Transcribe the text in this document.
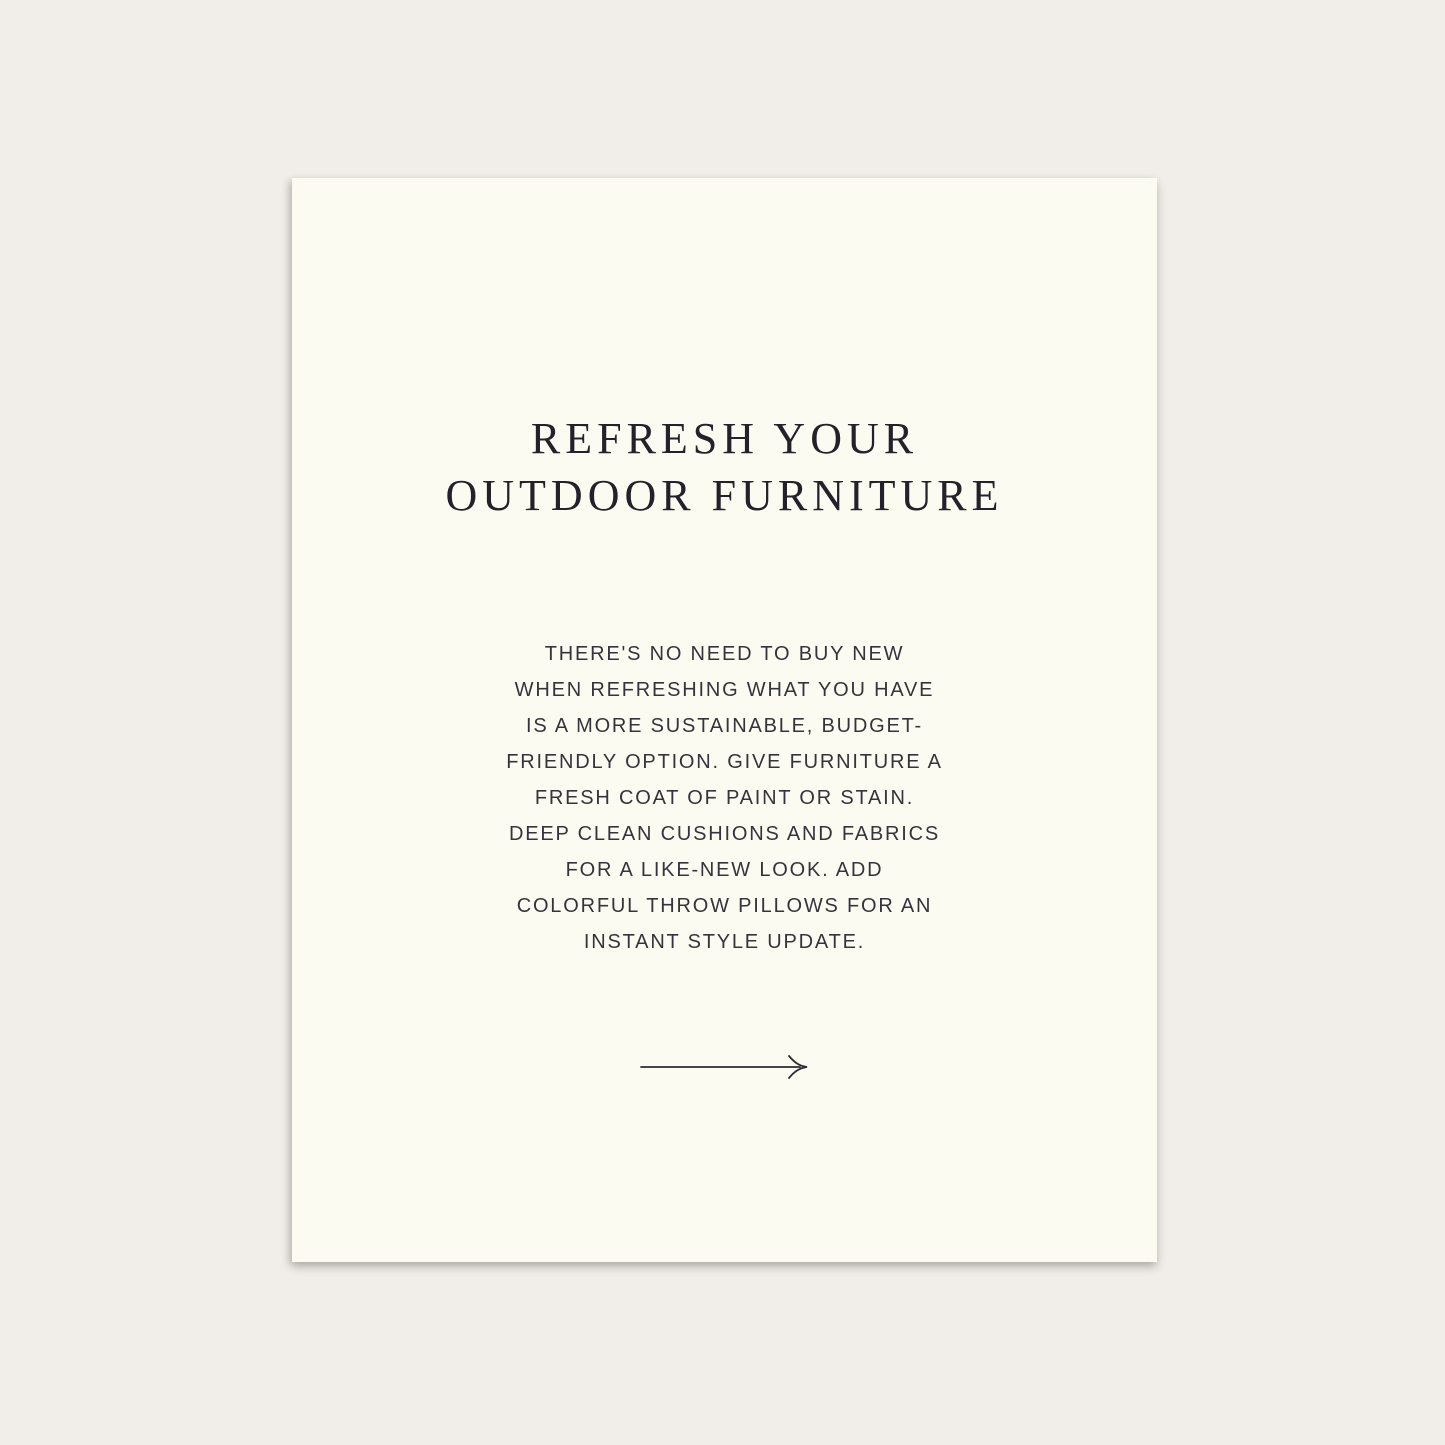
REFRESH YOUR
OUTDOOR FURNITURE
THERE'S NO NEED TO BUY NEW
WHEN REFRESHING WHAT YOU HAVE
IS A MORE SUSTAINABLE, BUDGET-
FRIENDLY OPTION. GIVE FURNITURE A
FRESH COAT OF PAINT OR STAIN.
DEEP CLEAN CUSHIONS AND FABRICS
FOR A LIKE-NEW LOOK. ADD
COLORFUL THROW PILLOWS FOR AN
INSTANT STYLE UPDATE.
